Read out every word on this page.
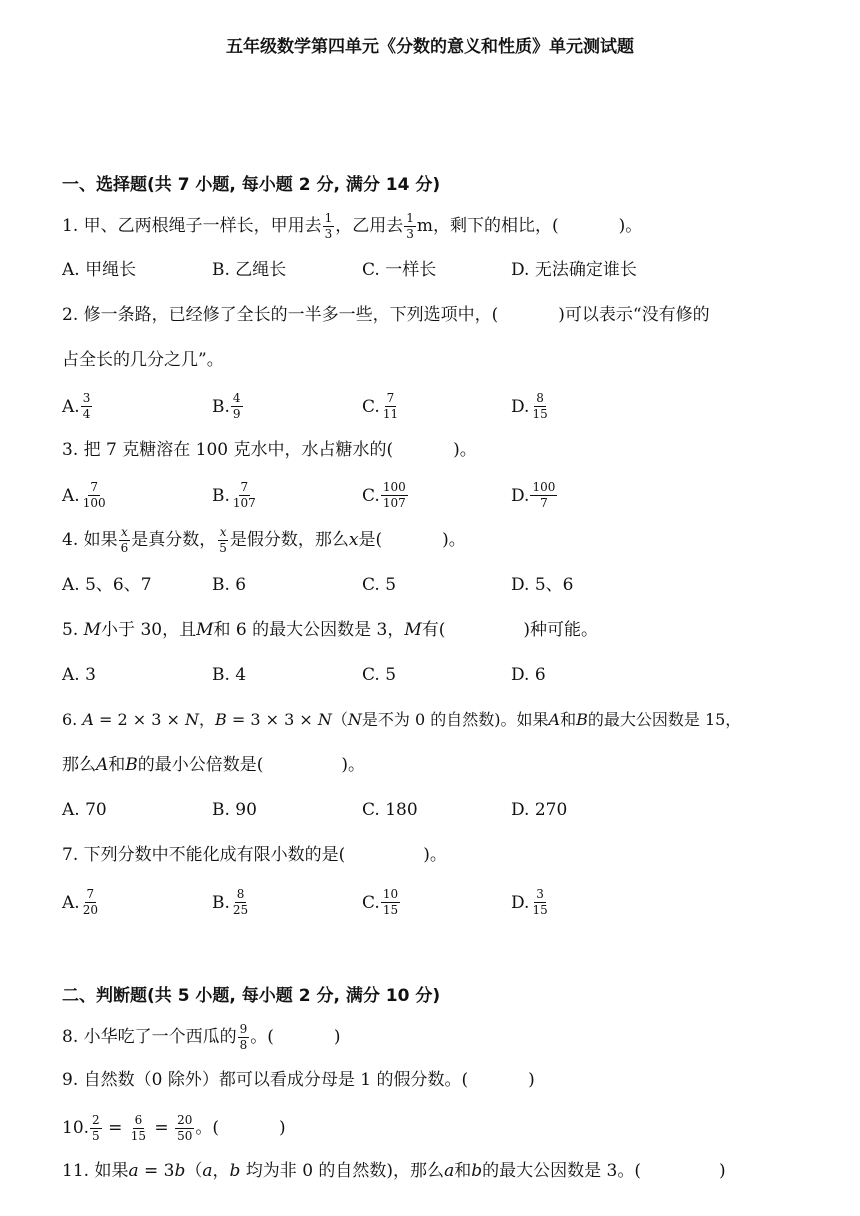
五年级数学第四单元《分数的意义和性质》单元测试题
一、选择题(共 7 小题, 每小题 2 分, 满分 14 分)
1. 甲、乙两根绳子一样长，甲用去 $\frac{1}{3}$ ，乙用去 $\frac{1}{3}$ m，剩下的相比，(	)。
A. 甲绳长	B. 乙绳长	C. 一样长	D. 无法确定谁长
2. 修一条路，已经修了全长的一半多一些，下列选项中，(	)可以表示“没有修的
占全长的几分之几”。
A. $\frac{3}{4}$	B. $\frac{4}{9}$	C. $\frac{7}{11}$	D. $\frac{8}{15}$
3. 把 7 克糖溶在 100 克水中，水占糖水的(	)。
A. $\frac{7}{100}$	B. $\frac{7}{107}$	C. $\frac{100}{107}$	D. $\frac{100}{7}$
4. 如果 $\frac{x}{6}$ 是真分数， $\frac{x}{5}$ 是假分数，那么x是(	)。
A. 5、6、7	B. 6	C. 5	D. 5、6
5. M小于 30，且M和 6 的最大公因数是 3，M有(	)种可能。
A. 3	B. 4	C. 5	D. 6
6. A = 2 × 3 × N，B = 3 × 3 × N（N是不为 0 的自然数)。如果A和B的最大公因数是 15，
那么A和B的最小公倍数是(	)。
A. 70	B. 90	C. 180	D. 270
7. 下列分数中不能化成有限小数的是(	)。
A. $\frac{7}{20}$	B. $\frac{8}{25}$	C. $\frac{10}{15}$	D. $\frac{3}{15}$
二、判断题(共 5 小题, 每小题 2 分, 满分 10 分)
8. 小华吃了一个西瓜的 $\frac{9}{8}$ 。(	)
9. 自然数（0 除外）都可以看成分母是 1 的假分数。(	)
10. $\frac{2}{5} = \frac{6}{15} = \frac{20}{50}$ 。(	)
11. 如果a = 3b（a，b 均为非 0 的自然数)，那么a和b的最大公因数是 3。(	)
